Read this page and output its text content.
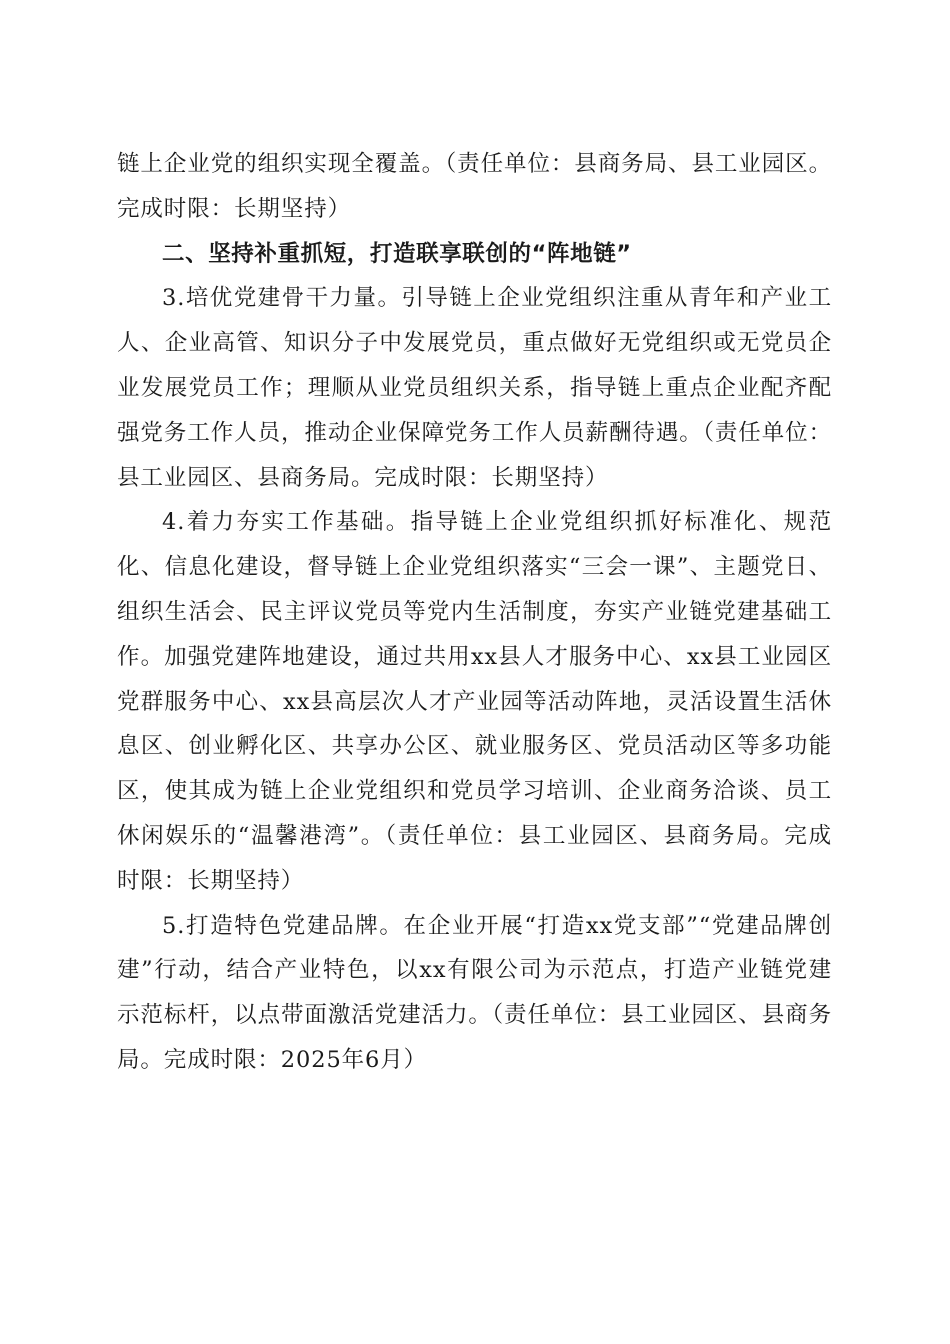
链上企业党的组织实现全覆盖。（责任单位：县商务局、县工业园区。完成时限：长期坚持）

二、坚持补重抓短，打造联享联创的“阵地链”

3.培优党建骨干力量。引导链上企业党组织注重从青年和产业工人、企业高管、知识分子中发展党员，重点做好无党组织或无党员企业发展党员工作；理顺从业党员组织关系，指导链上重点企业配齐配强党务工作人员，推动企业保障党务工作人员薪酬待遇。（责任单位：县工业园区、县商务局。完成时限：长期坚持）

4.着力夯实工作基础。指导链上企业党组织抓好标准化、规范化、信息化建设，督导链上企业党组织落实“三会一课”、主题党日、组织生活会、民主评议党员等党内生活制度，夯实产业链党建基础工作。加强党建阵地建设，通过共用xx县人才服务中心、xx县工业园区党群服务中心、xx县高层次人才产业园等活动阵地，灵活设置生活休息区、创业孵化区、共享办公区、就业服务区、党员活动区等多功能区，使其成为链上企业党组织和党员学习培训、企业商务洽谈、员工休闲娱乐的“温馨港湾”。（责任单位：县工业园区、县商务局。完成时限：长期坚持）

5.打造特色党建品牌。在企业开展“打造xx党支部”“党建品牌创建”行动，结合产业特色，以xx有限公司为示范点，打造产业链党建示范标杆，以点带面激活党建活力。（责任单位：县工业园区、县商务局。完成时限：2025年6月）
